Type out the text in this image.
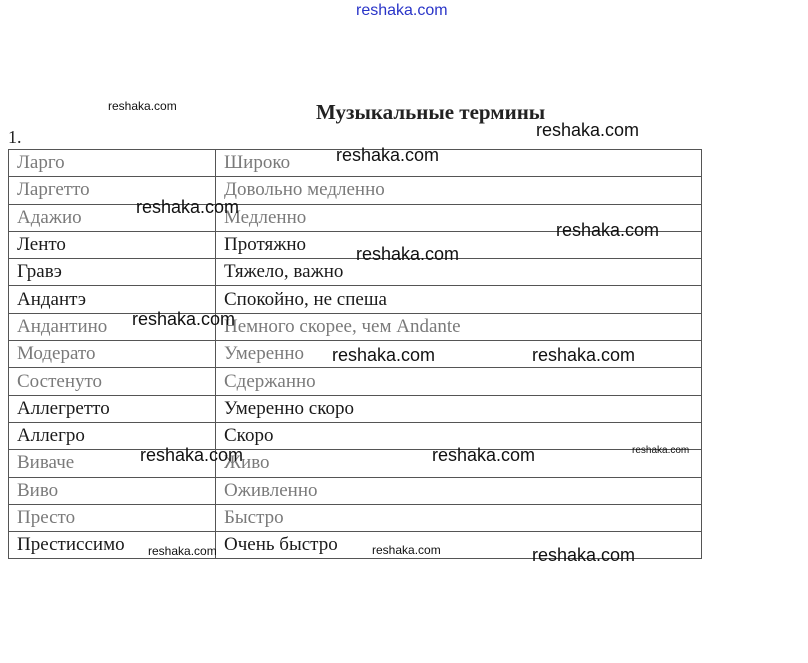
reshaka.com
Музыкальные термины
1.
Ларго	Широко
Ларгетто	Довольно медленно
Адажио	Медленно
Ленто	Протяжно
Гравэ	Тяжело, важно
Андантэ	Спокойно, не спеша
Андантино	Немного скорее, чем Andante
Модерато	Умеренно
Состенуто	Сдержанно
Аллегретто	Умеренно скоро
Аллегро	Скоро
Виваче	Живо
Виво	Оживленно
Престо	Быстро
Престиссимо	Очень быстро
reshaka.com
reshaka.com
reshaka.com
reshaka.com
reshaka.com
reshaka.com
reshaka.com
reshaka.com	reshaka.com
reshaka.com	reshaka.com
reshaka.com
reshaka.com	reshaka.com	reshaka.com
